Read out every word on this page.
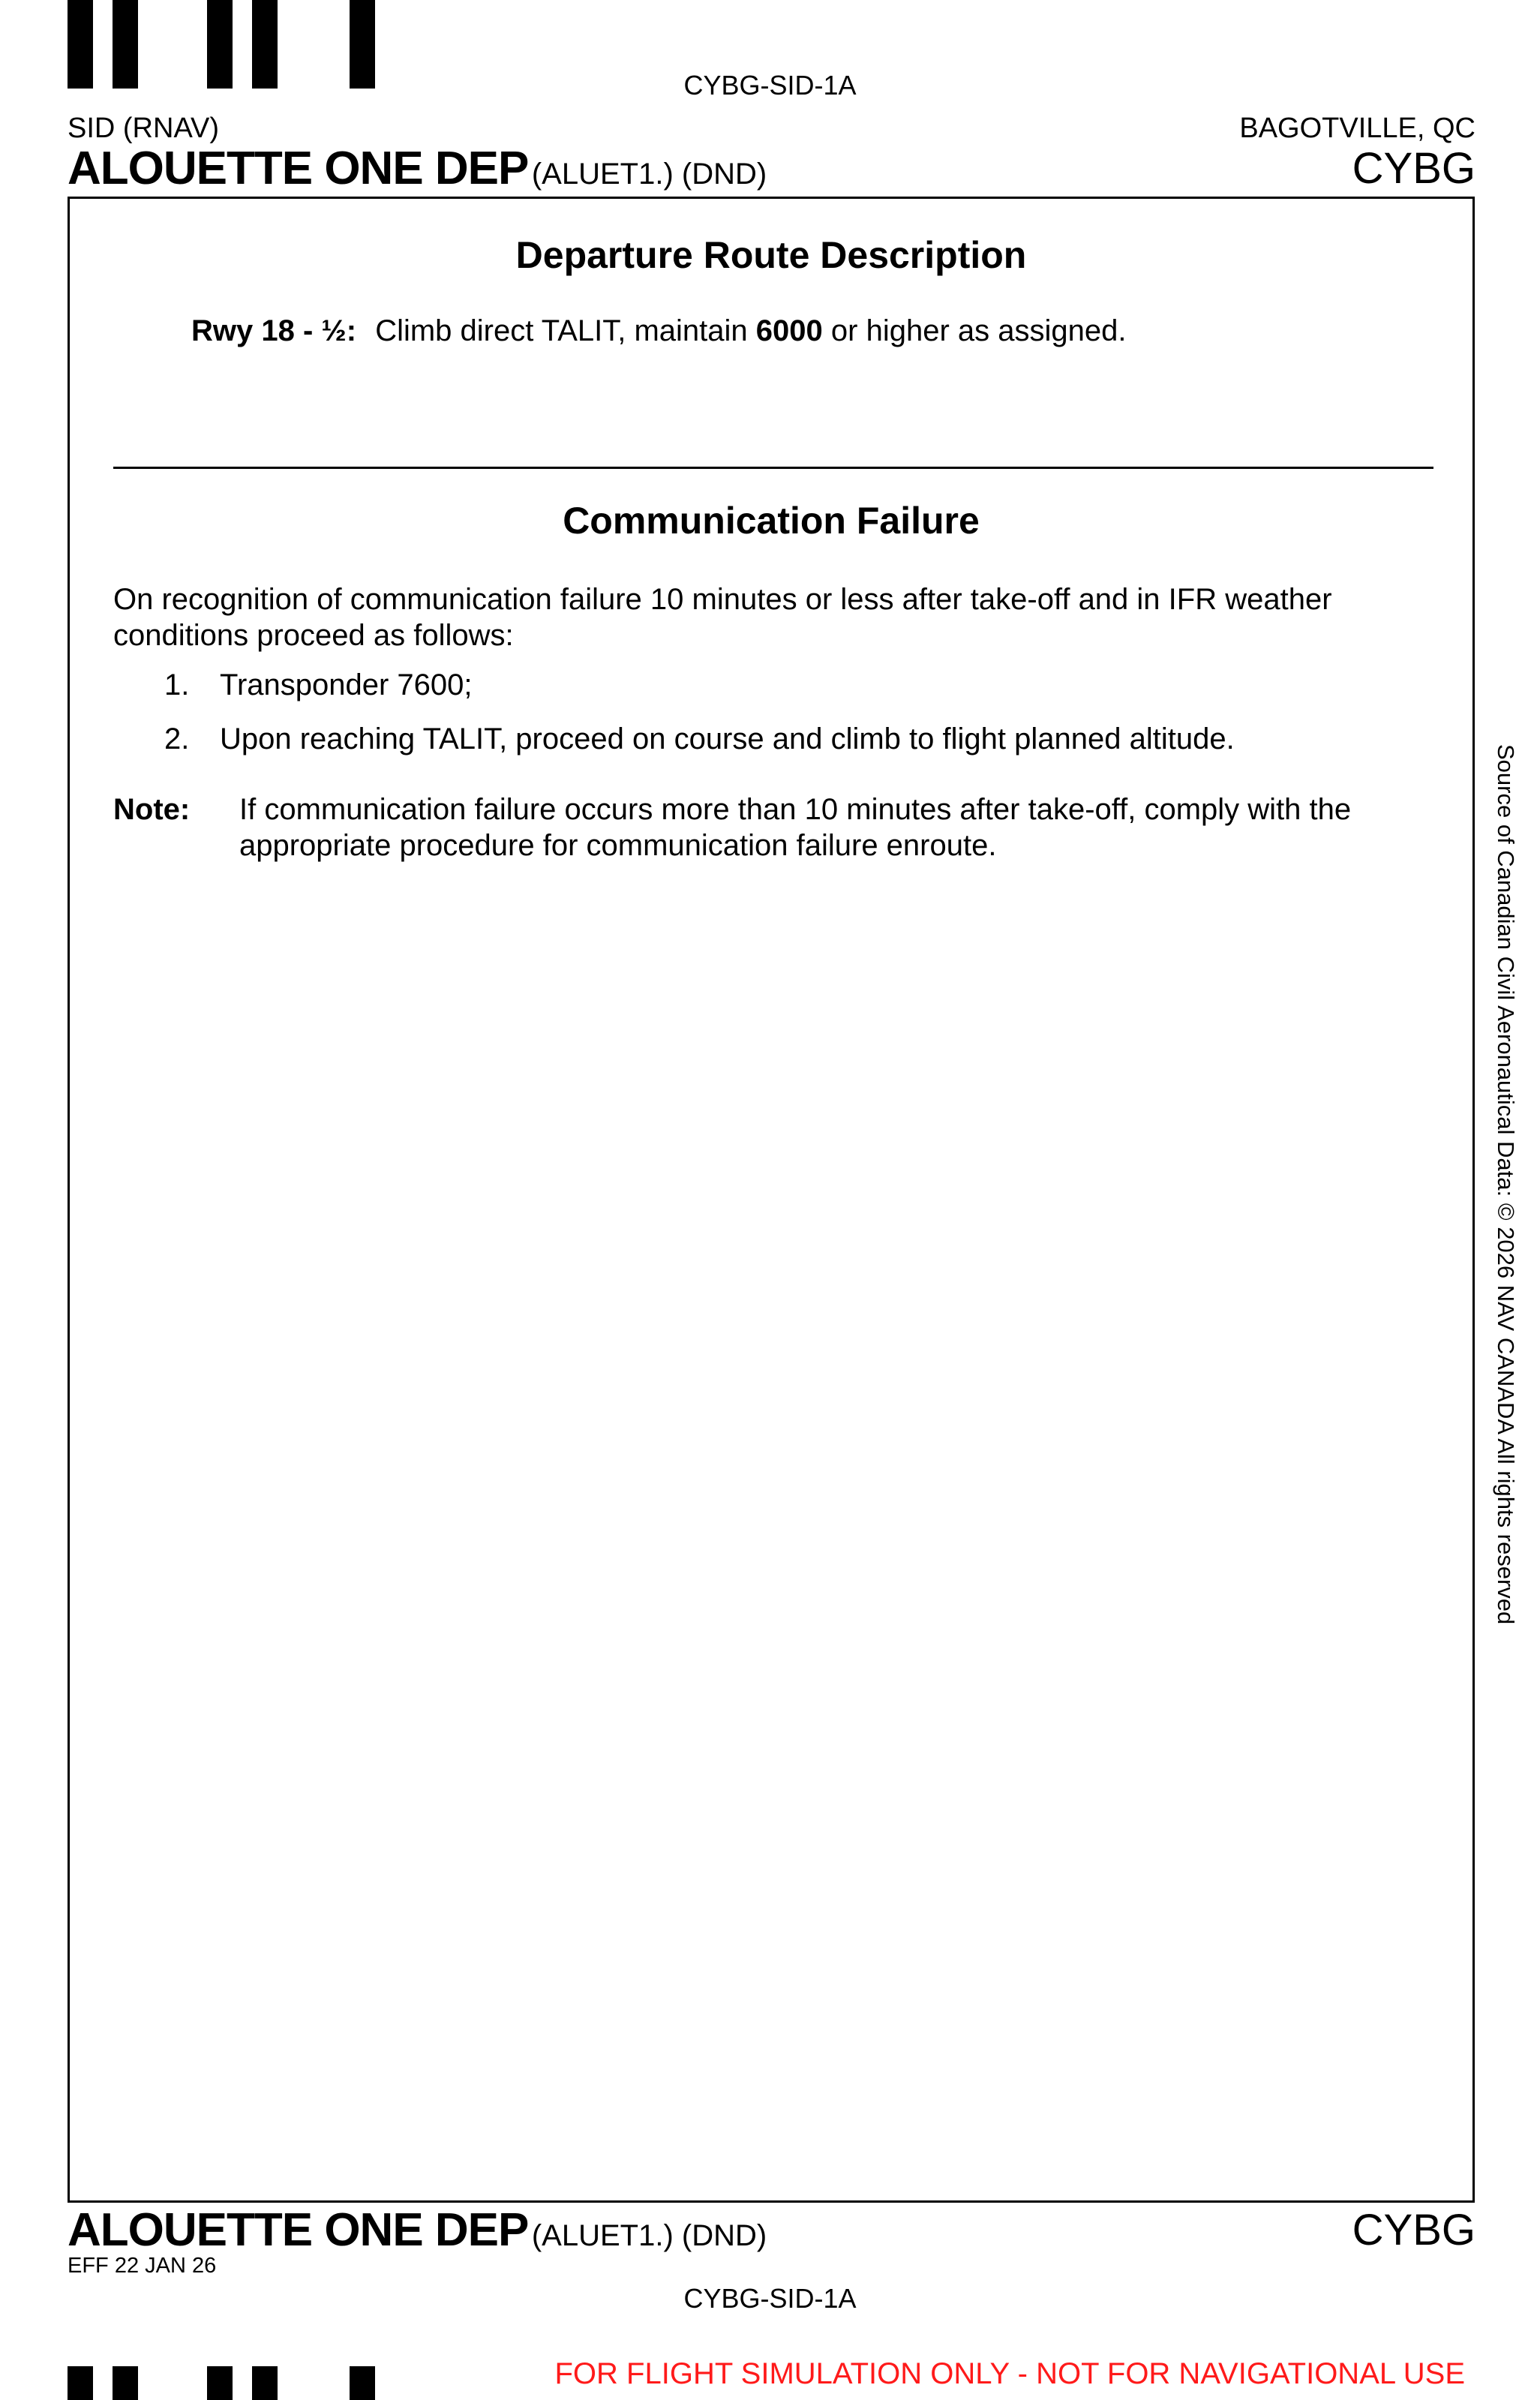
CYBG-SID-1A
SID (RNAV)	BAGOTVILLE, QC
ALOUETTE ONE DEP (ALUET1.) (DND)	CYBG
Departure Route Description
Rwy 18 - ½: Climb direct TALIT, maintain 6000 or higher as assigned.
Communication Failure
On recognition of communication failure 10 minutes or less after take-off and in IFR weather conditions proceed as follows:
1. Transponder 7600;
2. Upon reaching TALIT, proceed on course and climb to flight planned altitude.
Note: If communication failure occurs more than 10 minutes after take-off, comply with the appropriate procedure for communication failure enroute.	Source of Canadian Civil Aeronautical Data: © 2026 NAV CANADA All rights reserved
ALOUETTE ONE DEP (ALUET1.) (DND)	CYBG
EFF 22 JAN 26
CYBG-SID-1A
FOR FLIGHT SIMULATION ONLY - NOT FOR NAVIGATIONAL USE
